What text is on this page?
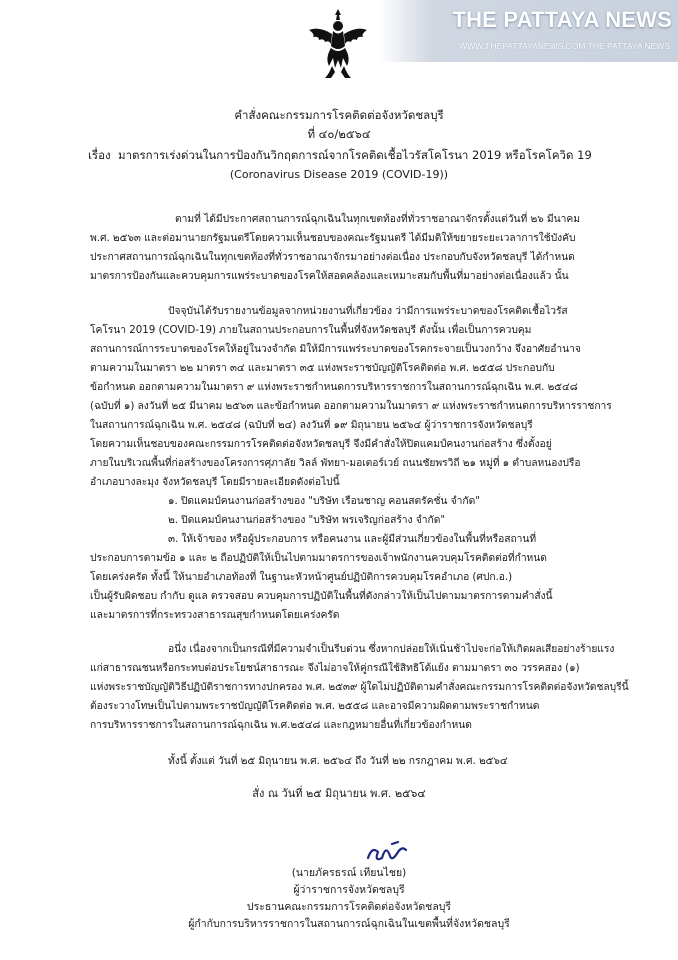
THE PATTAYA NEWS
WWW.THEPATTAYANEWS.COM THE PATTAYA NEWS
คำสั่งคณะกรรมการโรคติดต่อจังหวัดชลบุรี
ที่ ๔๐/๒๕๖๔
เรื่อง มาตรการเร่งด่วนในการป้องกันวิกฤตการณ์จากโรคติดเชื้อไวรัสโคโรนา 2019 หรือโรคโควิด 19
(Coronavirus Disease 2019 (COVID-19))
ตามที่ ได้มีประกาศสถานการณ์ฉุกเฉินในทุกเขตท้องที่ทั่วราชอาณาจักรตั้งแต่วันที่ ๒๖ มีนาคม
พ.ศ. ๒๕๖๓ และต่อมานายกรัฐมนตรีโดยความเห็นชอบของคณะรัฐมนตรี ได้มีมติให้ขยายระยะเวลาการใช้บังคับ
ประกาศสถานการณ์ฉุกเฉินในทุกเขตท้องที่ทั่วราชอาณาจักรมาอย่างต่อเนื่อง ประกอบกับจังหวัดชลบุรี ได้กำหนด
มาตรการป้องกันและควบคุมการแพร่ระบาดของโรคให้สอดคล้องและเหมาะสมกับพื้นที่มาอย่างต่อเนื่องแล้ว นั้น
ปัจจุบันได้รับรายงานข้อมูลจากหน่วยงานที่เกี่ยวข้อง ว่ามีการแพร่ระบาดของโรคติดเชื้อไวรัส
โคโรนา 2019 (COVID-19) ภายในสถานประกอบการในพื้นที่จังหวัดชลบุรี ดังนั้น เพื่อเป็นการควบคุม
สถานการณ์การระบาดของโรคให้อยู่ในวงจำกัด มิให้มีการแพร่ระบาดของโรคกระจายเป็นวงกว้าง จึงอาศัยอำนาจ
ตามความในมาตรา ๒๒ มาตรา ๓๔ และมาตรา ๓๕ แห่งพระราชบัญญัติโรคติดต่อ พ.ศ. ๒๕๕๘ ประกอบกับ
ข้อกำหนด ออกตามความในมาตรา ๙ แห่งพระราชกำหนดการบริหารราชการในสถานการณ์ฉุกเฉิน พ.ศ. ๒๕๔๘
(ฉบับที่ ๑) ลงวันที่ ๒๕ มีนาคม ๒๕๖๓ และข้อกำหนด ออกตามความในมาตรา ๙ แห่งพระราชกำหนดการบริหารราชการ
ในสถานการณ์ฉุกเฉิน พ.ศ. ๒๕๔๘ (ฉบับที่ ๒๔) ลงวันที่ ๑๙ มิถุนายน ๒๕๖๔ ผู้ว่าราชการจังหวัดชลบุรี
โดยความเห็นชอบของคณะกรรมการโรคติดต่อจังหวัดชลบุรี จึงมีคำสั่งให้ปิดแคมป์คนงานก่อสร้าง ซึ่งตั้งอยู่
ภายในบริเวณพื้นที่ก่อสร้างของโครงการศุภาลัย วิลล์ พัทยา-มอเตอร์เวย์ ถนนชัยพรวิถี ๒๑ หมู่ที่ ๑ ตำบลหนองปรือ
อำเภอบางละมุง จังหวัดชลบุรี โดยมีรายละเอียดดังต่อไปนี้
๑. ปิดแคมป์คนงานก่อสร้างของ "บริษัท เรือนชาญ คอนสตรัคชั่น จำกัด"
๒. ปิดแคมป์คนงานก่อสร้างของ "บริษัท พรเจริญก่อสร้าง จำกัด"
๓. ให้เจ้าของ หรือผู้ประกอบการ หรือคนงาน และผู้มีส่วนเกี่ยวข้องในพื้นที่หรือสถานที่
ประกอบการตามข้อ ๑ และ ๒ ถือปฏิบัติให้เป็นไปตามมาตรการของเจ้าพนักงานควบคุมโรคติดต่อที่กำหนด
โดยเคร่งครัด ทั้งนี้ ให้นายอำเภอท้องที่ ในฐานะหัวหน้าศูนย์ปฏิบัติการควบคุมโรคอำเภอ (ศปก.อ.)
เป็นผู้รับผิดชอบ กำกับ ดูแล ตรวจสอบ ควบคุมการปฏิบัติในพื้นที่ดังกล่าวให้เป็นไปตามมาตรการตามคำสั่งนี้
และมาตรการที่กระทรวงสาธารณสุขกำหนดโดยเคร่งครัด
อนึ่ง เนื่องจากเป็นกรณีที่มีความจำเป็นรีบด่วน ซึ่งหากปล่อยให้เนิ่นช้าไปจะก่อให้เกิดผลเสียอย่างร้ายแรง
แก่สาธารณชนหรือกระทบต่อประโยชน์สาธารณะ จึงไม่อาจให้คู่กรณีใช้สิทธิโต้แย้ง ตามมาตรา ๓๐ วรรคสอง (๑)
แห่งพระราชบัญญัติวิธีปฏิบัติราชการทางปกครอง พ.ศ. ๒๕๓๙ ผู้ใดไม่ปฏิบัติตามคำสั่งคณะกรรมการโรคติดต่อจังหวัดชลบุรีนี้
ต้องระวางโทษเป็นไปตามพระราชบัญญัติโรคติดต่อ พ.ศ. ๒๕๕๘ และอาจมีความผิดตามพระราชกำหนด
การบริหารราชการในสถานการณ์ฉุกเฉิน พ.ศ.๒๕๔๘ และกฎหมายอื่นที่เกี่ยวข้องกำหนด
ทั้งนี้ ตั้งแต่ วันที่ ๒๕ มิถุนายน พ.ศ. ๒๕๖๔ ถึง วันที่ ๒๒ กรกฎาคม พ.ศ. ๒๕๖๔
สั่ง ณ วันที่ ๒๕ มิถุนายน พ.ศ. ๒๕๖๔
(นายภัครธรณ์ เทียนไชย)
ผู้ว่าราชการจังหวัดชลบุรี
ประธานคณะกรรมการโรคติดต่อจังหวัดชลบุรี
ผู้กำกับการบริหารราชการในสถานการณ์ฉุกเฉินในเขตพื้นที่จังหวัดชลบุรี
